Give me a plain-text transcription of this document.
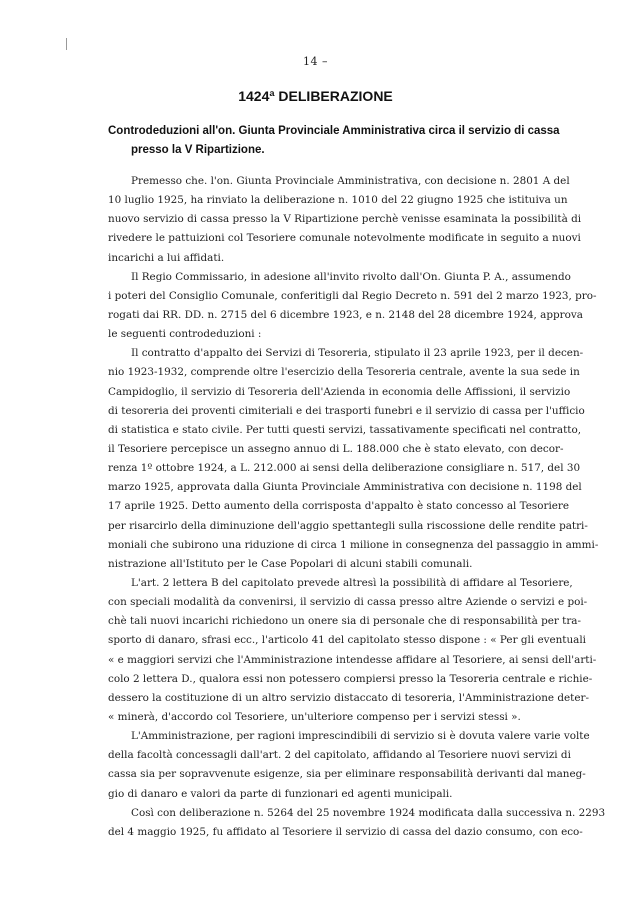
14 –
1424ª DELIBERAZIONE
Controdeduzioni all'on. Giunta Provinciale Amministrativa circa il servizio di cassa
presso la V Ripartizione.
Premesso che. l'on. Giunta Provinciale Amministrativa, con decisione n. 2801 A del
10 luglio 1925, ha rinviato la deliberazione n. 1010 del 22 giugno 1925 che istituiva un
nuovo servizio di cassa presso la V Ripartizione perchè venisse esaminata la possibilità di
rivedere le pattuizioni col Tesoriere comunale notevolmente modificate in seguito a nuovi
incarichi a lui affidati.
Il Regio Commissario, in adesione all'invito rivolto dall'On. Giunta P. A., assumendo
i poteri del Consiglio Comunale, conferitigli dal Regio Decreto n. 591 del 2 marzo 1923, pro-
rogati dai RR. DD. n. 2715 del 6 dicembre 1923, e n. 2148 del 28 dicembre 1924, approva
le seguenti controdeduzioni :
Il contratto d'appalto dei Servizi di Tesoreria, stipulato il 23 aprile 1923, per il decen-
nio 1923-1932, comprende oltre l'esercizio della Tesoreria centrale, avente la sua sede in
Campidoglio, il servizio di Tesoreria dell'Azienda in economia delle Affissioni, il servizio
di tesoreria dei proventi cimiteriali e dei trasporti funebri e il servizio di cassa per l'ufficio
di statistica e stato civile. Per tutti questi servizi, tassativamente specificati nel contratto,
il Tesoriere percepisce un assegno annuo di L. 188.000 che è stato elevato, con decor-
renza 1º ottobre 1924, a L. 212.000 ai sensi della deliberazione consigliare n. 517, del 30
marzo 1925, approvata dalla Giunta Provinciale Amministrativa con decisione n. 1198 del
17 aprile 1925. Detto aumento della corrisposta d'appalto è stato concesso al Tesoriere
per risarcirlo della diminuzione dell'aggio spettantegli sulla riscossione delle rendite patri-
moniali che subirono una riduzione di circa 1 milione in consegnenza del passaggio in ammi-
nistrazione all'Istituto per le Case Popolari di alcuni stabili comunali.
L'art. 2 lettera B del capitolato prevede altresì la possibilità di affidare al Tesoriere,
con speciali modalità da convenirsi, il servizio di cassa presso altre Aziende o servizi e poi-
chè tali nuovi incarichi richiedono un onere sia di personale che di responsabilità per tra-
sporto di danaro, sfrasi ecc., l'articolo 41 del capitolato stesso dispone : « Per gli eventuali
« e maggiori servizi che l'Amministrazione intendesse affidare al Tesoriere, ai sensi dell'arti-
colo 2 lettera D., qualora essi non potessero compiersi presso la Tesoreria centrale e richie-
dessero la costituzione di un altro servizio distaccato di tesoreria, l'Amministrazione deter-
« minerà, d'accordo col Tesoriere, un'ulteriore compenso per i servizi stessi ».
L'Amministrazione, per ragioni imprescindibili di servizio si è dovuta valere varie volte
della facoltà concessagli dall'art. 2 del capitolato, affidando al Tesoriere nuovi servizi di
cassa sia per sopravvenute esigenze, sia per eliminare responsabilità derivanti dal maneg-
gio di danaro e valori da parte di funzionari ed agenti municipali.
Così con deliberazione n. 5264 del 25 novembre 1924 modificata dalla successiva n. 2293
del 4 maggio 1925, fu affidato al Tesoriere il servizio di cassa del dazio consumo, con eco-
